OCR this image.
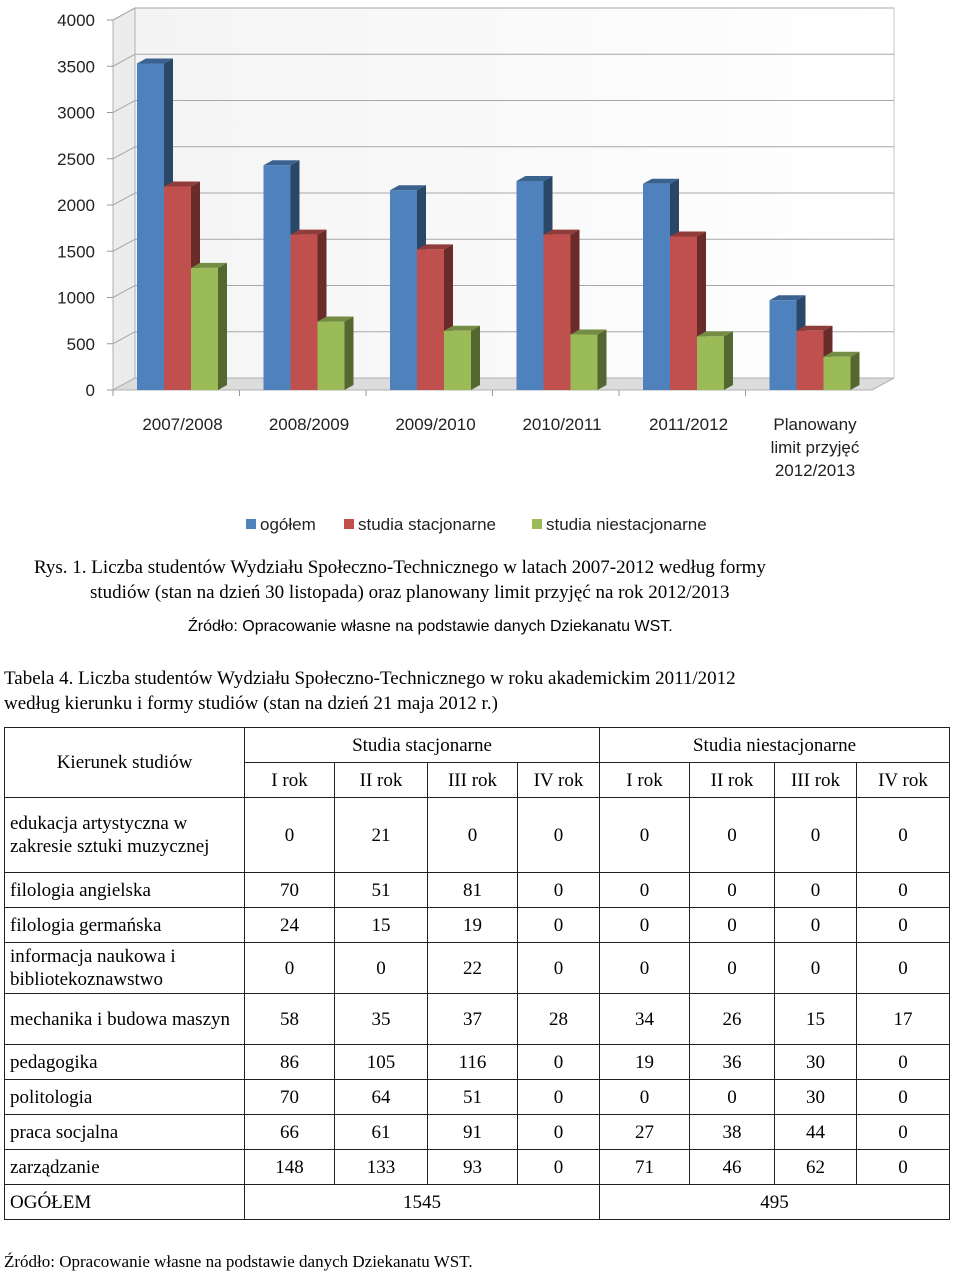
0
500
1000
1500
2000
2500
3000
3500
4000
2007/2008	2008/2009	2009/2010	2010/2011	2011/2012	Planowany
limit przyjęć
2012/2013
ogółem studia stacjonarne	studia niestacjonarne
Rys. 1. Liczba studentów Wydziału Społeczno-Technicznego w latach 2007-2012 według formy
studiów (stan na dzień 30 listopada) oraz planowany limit przyjęć na rok 2012/2013
Źródło: Opracowanie własne na podstawie danych Dziekanatu WST.
Tabela 4. Liczba studentów Wydziału Społeczno-Technicznego w roku akademickim 2011/2012
według kierunku i formy studiów (stan na dzień 21 maja 2012 r.)
Kierunek studiów	Studia stacjonarne				Studia niestacjonarne			
	I rok	II rok	III rok	IV rok	I rok	II rok	III rok	IV rok
edukacja artystyczna w zakresie sztuki muzycznej	0	21	0	0	0	0	0	0
filologia angielska	70	51	81	0	0	0	0	0
filologia germańska	24	15	19	0	0	0	0	0
informacja naukowa i bibliotekoznawstwo	0	0	22	0	0	0	0	0
mechanika i budowa maszyn	58	35	37	28	34	26	15	17
pedagogika	86	105	116	0	19	36	30	0
politologia	70	64	51	0	0	0	30	0
praca socjalna	66	61	91	0	27	38	44	0
zarządzanie	148	133	93	0	71	46	62	0
OGÓŁEM	1545				495			
Źródło: Opracowanie własne na podstawie danych Dziekanatu WST.
